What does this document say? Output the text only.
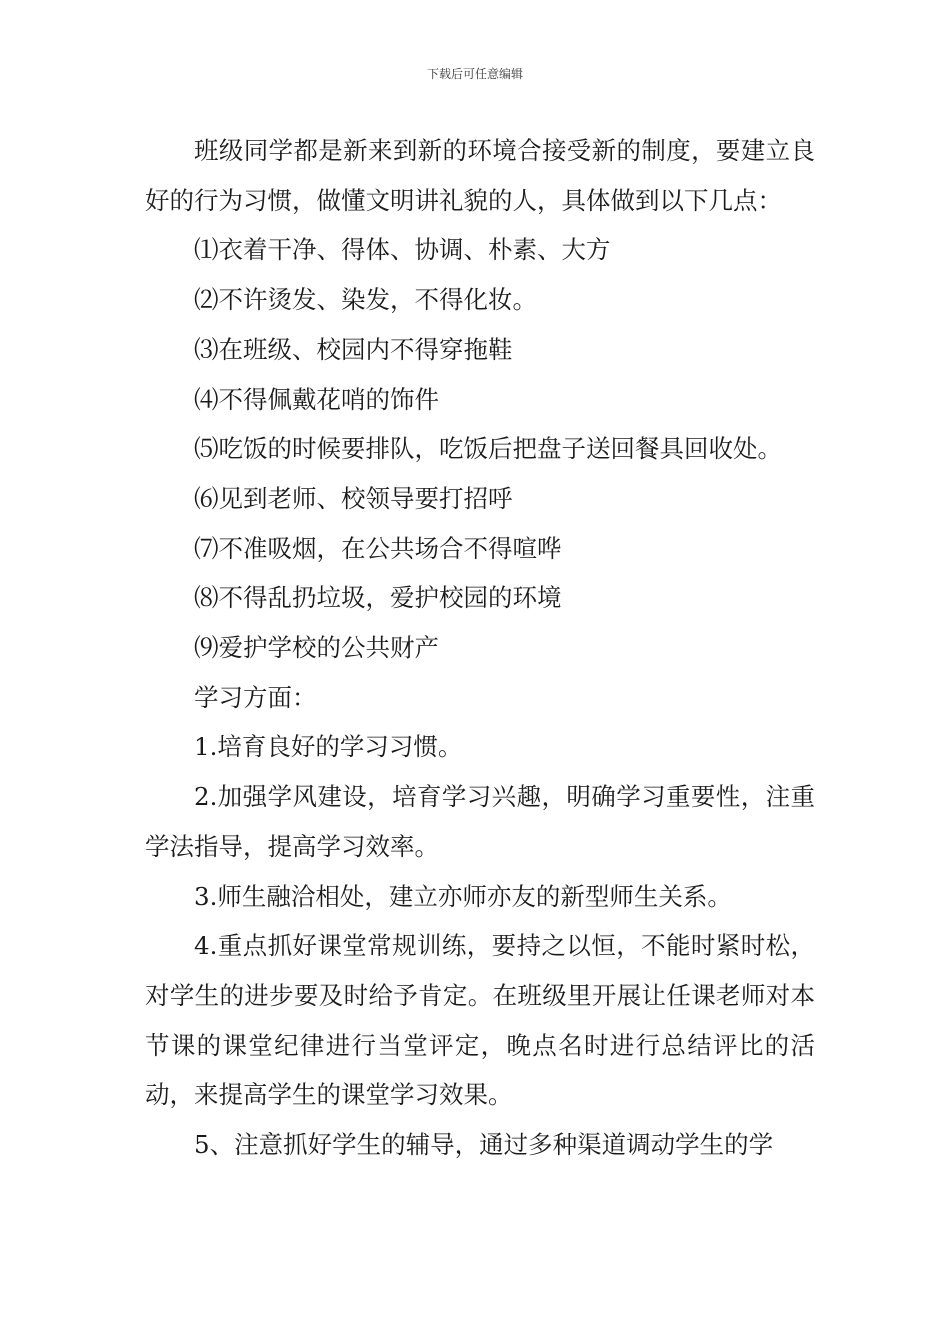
下载后可任意编辑

班级同学都是新来到新的环境合接受新的制度，要建立良好的行为习惯，做懂文明讲礼貌的人，具体做到以下几点：

⑴衣着干净、得体、协调、朴素、大方

⑵不许烫发、染发，不得化妆。

⑶在班级、校园内不得穿拖鞋

⑷不得佩戴花哨的饰件

⑸吃饭的时候要排队，吃饭后把盘子送回餐具回收处。

⑹见到老师、校领导要打招呼

⑺不准吸烟，在公共场合不得喧哗

⑻不得乱扔垃圾，爱护校园的环境

⑼爱护学校的公共财产

学习方面：

1.培育良好的学习习惯。

2.加强学风建设，培育学习兴趣，明确学习重要性，注重学法指导，提高学习效率。

3.师生融洽相处，建立亦师亦友的新型师生关系。

4.重点抓好课堂常规训练，要持之以恒，不能时紧时松，对学生的进步要及时给予肯定。在班级里开展让任课老师对本节课的课堂纪律进行当堂评定，晚点名时进行总结评比的活动，来提高学生的课堂学习效果。

5、注意抓好学生的辅导，通过多种渠道调动学生的学
